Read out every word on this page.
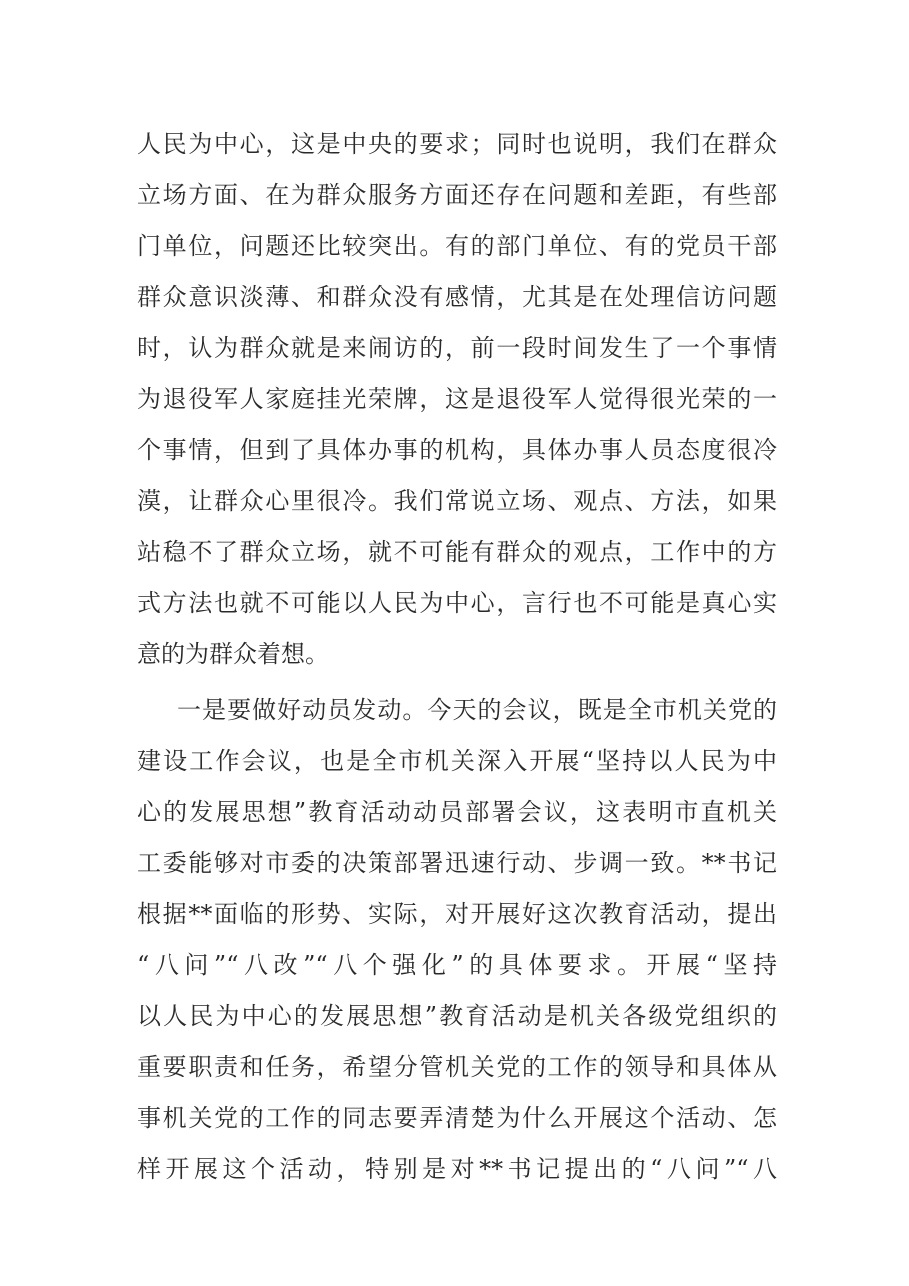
人民为中心，这是中央的要求；同时也说明，我们在群众
立场方面、在为群众服务方面还存在问题和差距，有些部
门单位，问题还比较突出。有的部门单位、有的党员干部
群众意识淡薄、和群众没有感情，尤其是在处理信访问题
时，认为群众就是来闹访的，前一段时间发生了一个事情
为退役军人家庭挂光荣牌，这是退役军人觉得很光荣的一
个事情，但到了具体办事的机构，具体办事人员态度很冷
漠，让群众心里很冷。我们常说立场、观点、方法，如果
站稳不了群众立场，就不可能有群众的观点，工作中的方
式方法也就不可能以人民为中心，言行也不可能是真心实
意的为群众着想。
一是要做好动员发动。今天的会议，既是全市机关党的
建设工作会议，也是全市机关深入开展“坚持以人民为中
心的发展思想”教育活动动员部署会议，这表明市直机关
工委能够对市委的决策部署迅速行动、步调一致。**书记
根据**面临的形势、实际，对开展好这次教育活动，提出
“八问”“八改”“八个强化”的具体要求。开展“坚持
以人民为中心的发展思想”教育活动是机关各级党组织的
重要职责和任务，希望分管机关党的工作的领导和具体从
事机关党的工作的同志要弄清楚为什么开展这个活动、怎
样开展这个活动，特别是对**书记提出的“八问”“八
